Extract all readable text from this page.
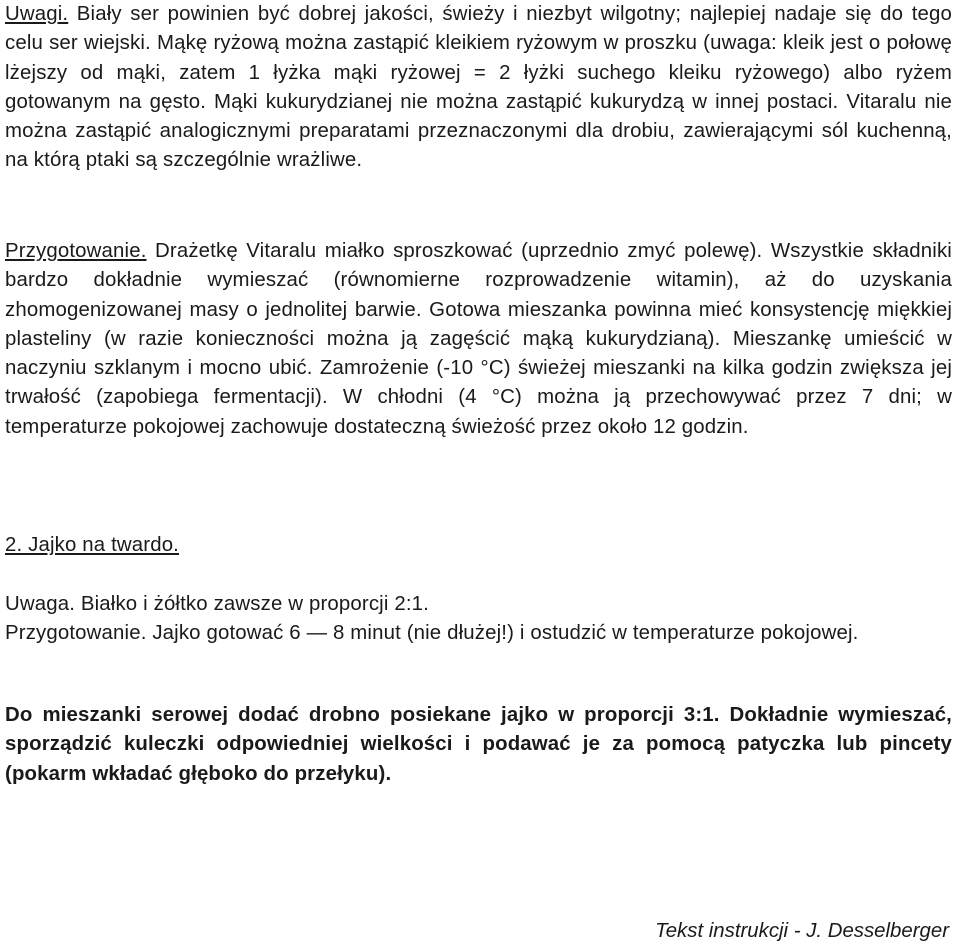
Uwagi. Biały ser powinien być dobrej jakości, świeży i niezbyt wilgotny; najlepiej nadaje się do tego celu ser wiejski. Mąkę ryżową można zastąpić kleikiem ryżowym w proszku (uwaga: kleik jest o połowę lżejszy od mąki, zatem 1 łyżka mąki ryżowej = 2 łyżki suchego kleiku ryżowego) albo ryżem gotowanym na gęsto. Mąki kukurydzianej nie można zastąpić kukurydzą w innej postaci. Vitaralu nie można zastąpić analogicznymi preparatami przeznaczonymi dla drobiu, zawierającymi sól kuchenną, na którą ptaki są szczególnie wrażliwe.

Przygotowanie. Drażetkę Vitaralu miałko sproszkować (uprzednio zmyć polewę). Wszystkie składniki bardzo dokładnie wymieszać (równomierne rozprowadzenie witamin), aż do uzyskania zhomogenizowanej masy o jednolitej barwie. Gotowa mieszanka powinna mieć konsystencję miękkiej plasteliny (w razie konieczności można ją zagęścić mąką kukurydzianą). Mieszankę umieścić w naczyniu szklanym i mocno ubić. Zamrożenie (-10 °C) świeżej mieszanki na kilka godzin zwiększa jej trwałość (zapobiega fermentacji). W chłodni (4 °C) można ją przechowywać przez 7 dni; w temperaturze pokojowej zachowuje dostateczną świeżość przez około 12 godzin.

2. Jajko na twardo.

Uwaga. Białko i żółtko zawsze w proporcji 2:1.

Przygotowanie. Jajko gotować 6 — 8 minut (nie dłużej!) i ostudzić w temperaturze pokojowej.

Do mieszanki serowej dodać drobno posiekane jajko w proporcji 3:1. Dokładnie wymieszać, sporządzić kuleczki odpowiedniej wielkości i podawać je za pomocą patyczka lub pincety (pokarm wkładać głęboko do przełyku).

Tekst instrukcji - J. Desselberger
